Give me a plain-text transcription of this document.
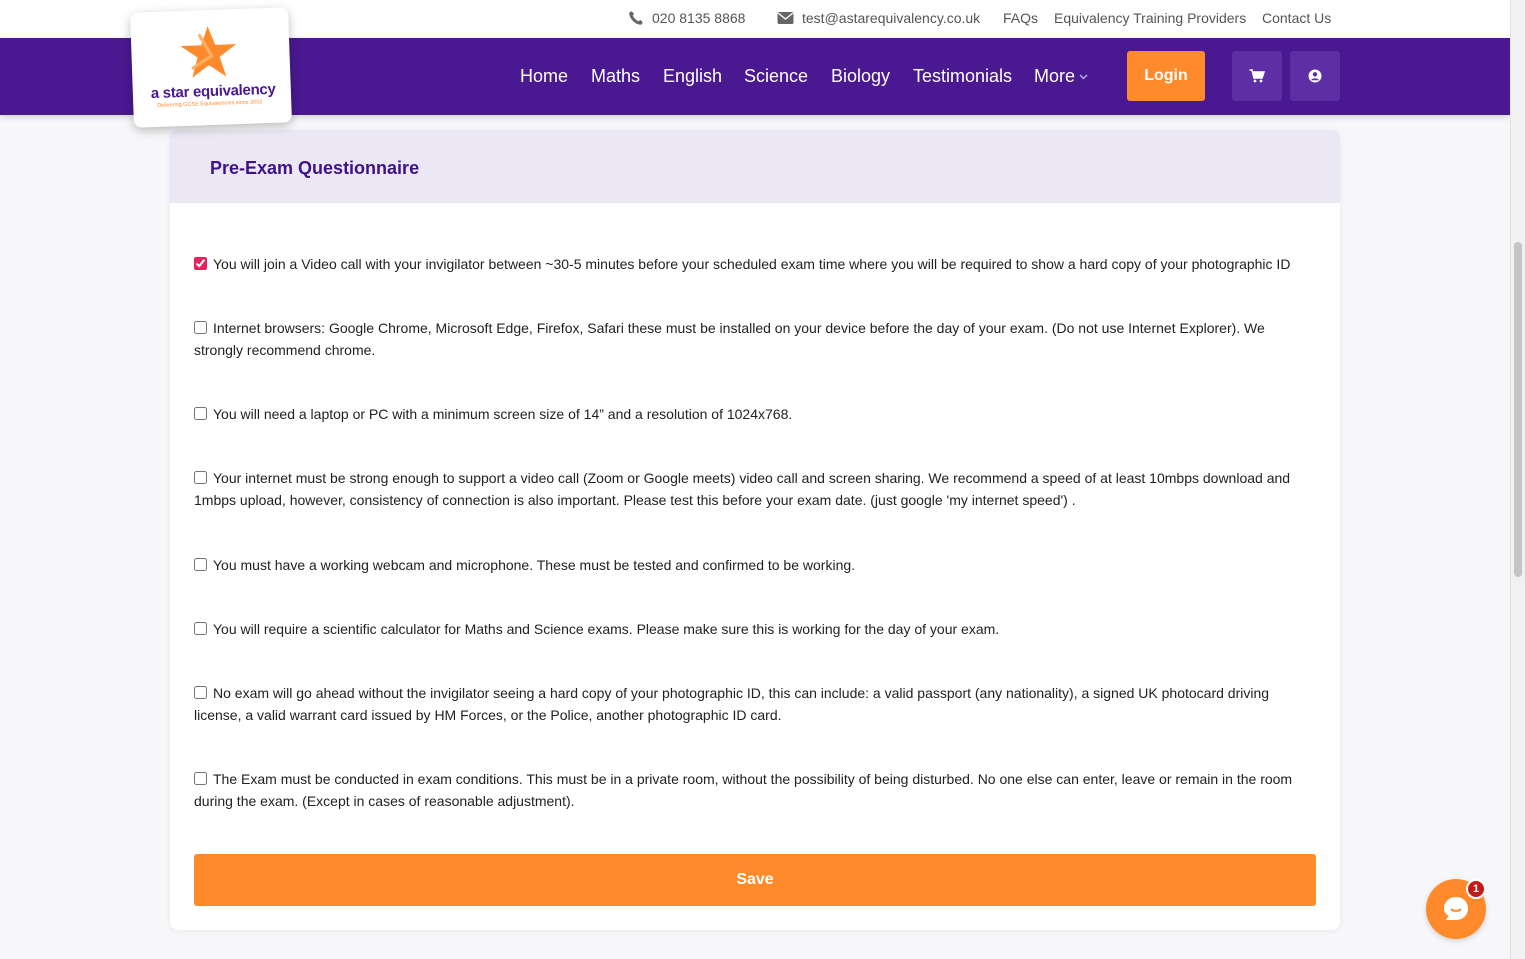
020 8135 8868	test@astarequivalency.co.uk FAQs Equivalency Training Providers Contact Us
Home Maths English Science Biology Testimonials More	Login
a star equivalency
Delivering GCSE Equivalencies since 2002
Pre-Exam Questionnaire
You will join a Video call with your invigilator between ~30-5 minutes before your scheduled exam time where you will be required to show a hard copy of your photographic ID
Internet browsers: Google Chrome, Microsoft Edge, Firefox, Safari these must be installed on your device before the day of your exam. (Do not use Internet Explorer). We strongly recommend chrome.
You will need a laptop or PC with a minimum screen size of 14” and a resolution of 1024x768.
Your internet must be strong enough to support a video call (Zoom or Google meets) video call and screen sharing. We recommend a speed of at least 10mbps download and 1mbps upload, however, consistency of connection is also important. Please test this before your exam date. (just google 'my internet speed') .
You must have a working webcam and microphone. These must be tested and confirmed to be working.
You will require a scientific calculator for Maths and Science exams. Please make sure this is working for the day of your exam.
No exam will go ahead without the invigilator seeing a hard copy of your photographic ID, this can include: a valid passport (any nationality), a signed UK photocard driving license, a valid warrant card issued by HM Forces, or the Police, another photographic ID card.
The Exam must be conducted in exam conditions. This must be in a private room, without the possibility of being disturbed. No one else can enter, leave or remain in the room during the exam. (Except in cases of reasonable adjustment).
Save
1
